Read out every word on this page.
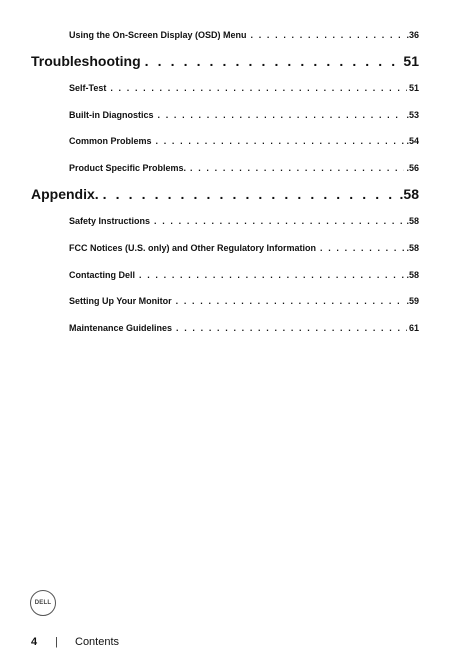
Using the On-Screen Display (OSD) Menu . . .	.36
Troubleshooting . . .	51
Self-Test . . .	51
Built-in Diagnostics . . .	.53
Common Problems . . .	.54
Product Specific Problems. . . .	.56
Appendix. . . .	.58
Safety Instructions . . .	.58
FCC Notices (U.S. only) and Other Regulatory Information . . .	.58
Contacting Dell . . .	.58
Setting Up Your Monitor . . .	.59
Maintenance Guidelines . . .	61
DELL
4	|	Contents
